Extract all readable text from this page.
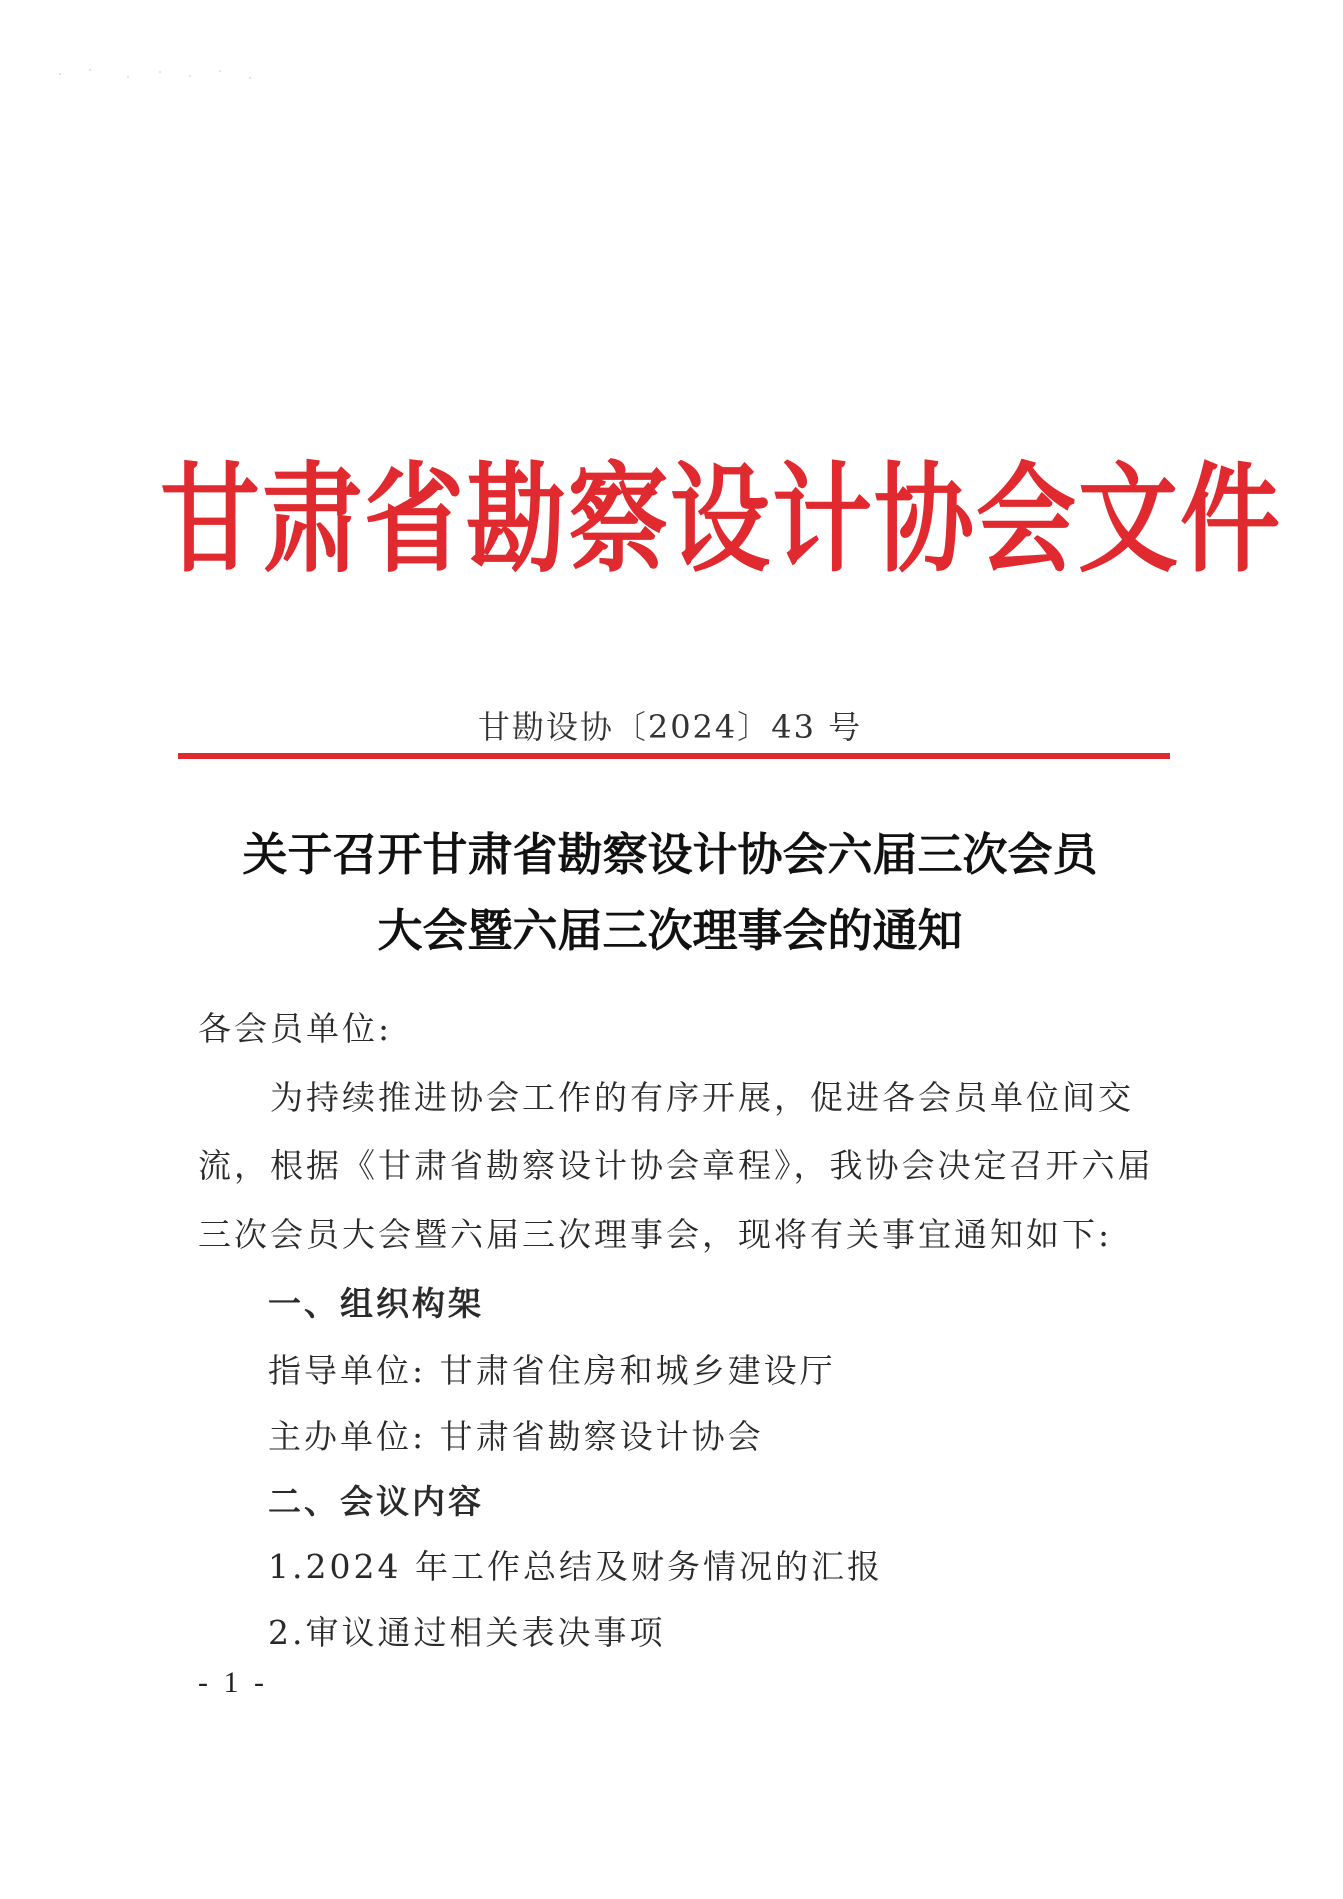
甘肃省勘察设计协会文件
甘勘设协〔2024〕43 号
关于召开甘肃省勘察设计协会六届三次会员
大会暨六届三次理事会的通知
各会员单位:
为持续推进协会工作的有序开展，促进各会员单位间交
流，根据《甘肃省勘察设计协会章程》，我协会决定召开六届
三次会员大会暨六届三次理事会，现将有关事宜通知如下:
一、组织构架
指导单位: 甘肃省住房和城乡建设厅
主办单位: 甘肃省勘察设计协会
二、会议内容
1.2024 年工作总结及财务情况的汇报
2.审议通过相关表决事项
- 1 -
